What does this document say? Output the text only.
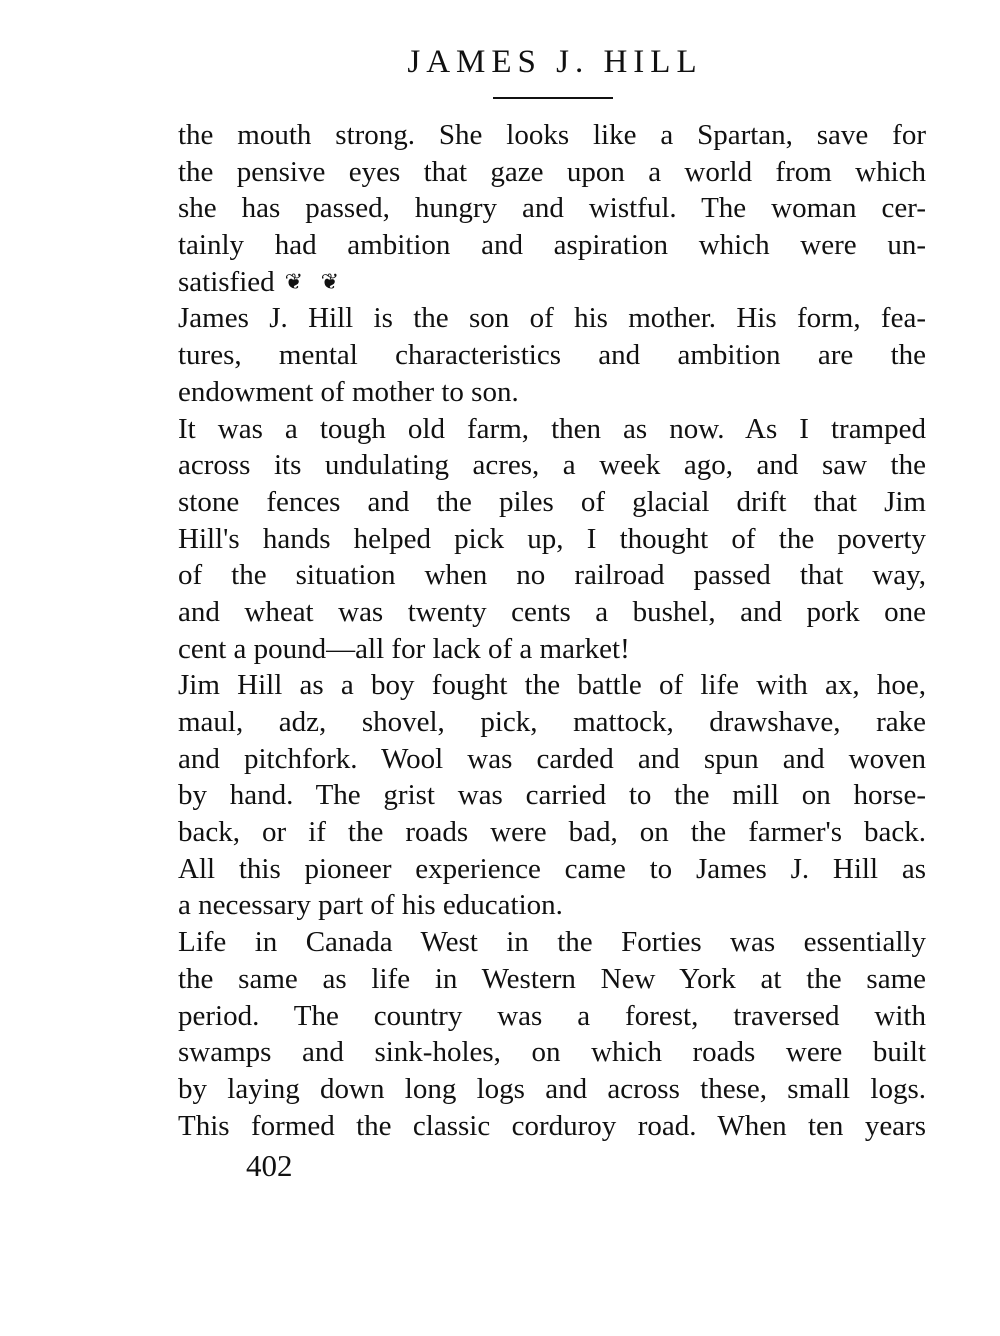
JAMES J. HILL
the mouth strong. She looks like a Spartan, save for
the pensive eyes that gaze upon a world from which
she has passed, hungry and wistful. The woman cer-
tainly had ambition and aspiration which were un-
satisfied ❦ ❦
James J. Hill is the son of his mother. His form, fea-
tures, mental characteristics and ambition are the
endowment of mother to son.
It was a tough old farm, then as now. As I tramped
across its undulating acres, a week ago, and saw the
stone fences and the piles of glacial drift that Jim
Hill's hands helped pick up, I thought of the poverty
of the situation when no railroad passed that way,
and wheat was twenty cents a bushel, and pork one
cent a pound—all for lack of a market!
Jim Hill as a boy fought the battle of life with ax, hoe,
maul, adz, shovel, pick, mattock, drawshave, rake
and pitchfork. Wool was carded and spun and woven
by hand. The grist was carried to the mill on horse-
back, or if the roads were bad, on the farmer's back.
All this pioneer experience came to James J. Hill as
a necessary part of his education.
Life in Canada West in the Forties was essentially
the same as life in Western New York at the same
period. The country was a forest, traversed with
swamps and sink-holes, on which roads were built
by laying down long logs and across these, small logs.
This formed the classic corduroy road. When ten years
402
